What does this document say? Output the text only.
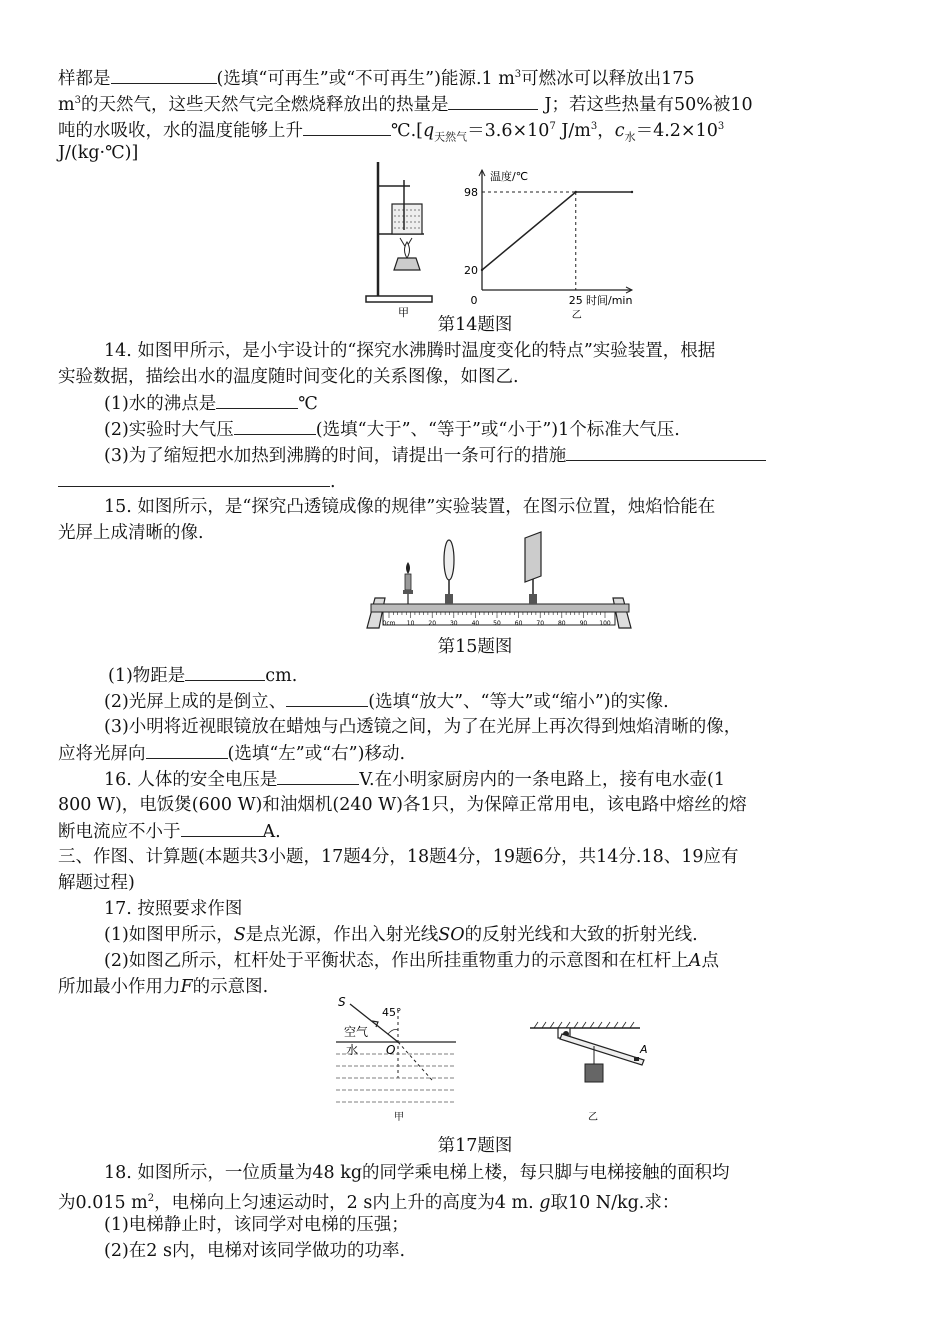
样都是	(选填“可再生”或“不可再生”)能源.1 $m^3$可燃冰可以释放出175
$m^3$的天然气，这些天然气完全燃烧释放出的热量是	J；若这些热量有50%被10
吨的水吸收，水的温度能够上升	$℃.[q_{天然气}=3.6\times 10^7$ $J/m^3$，$c_水=4.2\times 10^3$
J/(kg·℃)]
甲
20
98
0	25
温度/℃
时间/min
乙
第14题图
14. 如图甲所示，是小宇设计的“探究水沸腾时温度变化的特点”实验装置，根据
实验数据，描绘出水的温度随时间变化的关系图像，如图乙.
(1)水的沸点是	℃
(2)实验时大气压	(选填“大于”、“等于”或“小于”)1个标准大气压.
(3)为了缩短把水加热到沸腾的时间，请提出一条可行的措施
.
15. 如图所示，是“探究凸透镜成像的规律”实验装置，在图示位置，烛焰恰能在
光屏上成清晰的像.
0cm 10 20 30 40 50 60 70 80 90 100
第15题图
(1)物距是	cm.
(2)光屏上成的是倒立、	(选填“放大”、“等大”或“缩小”)的实像.
(3)小明将近视眼镜放在蜡烛与凸透镜之间，为了在光屏上再次得到烛焰清晰的像，
应将光屏向	(选填“左”或“右”)移动.
16. 人体的安全电压是	V.在小明家厨房内的一条电路上，接有电水壶(1
800 W)，电饭煲(600 W)和油烟机(240 W)各1只，为保障正常用电，该电路中熔丝的熔
断电流应不小于	A.
三、作图、计算题(本题共3小题，17题4分，18题4分，19题6分，共14分.18、19应有
解题过程)
17. 按照要求作图
(1)如图甲所示，S是点光源，作出入射光线SO的反射光线和大致的折射光线.
(2)如图乙所示，杠杆处于平衡状态，作出所挂重物重力的示意图和在杠杆上A点
所加最小作用力F的示意图.
S
45°
空气
水 O
甲
A
乙
第17题图
18. 如图所示，一位质量为48 kg的同学乘电梯上楼，每只脚与电梯接触的面积均
为0.015 $m^2$，电梯向上匀速运动时，2 s内上升的高度为4 m. g取10 N/kg.求：
(1)电梯静止时，该同学对电梯的压强；
(2)在2 s内，电梯对该同学做功的功率.
